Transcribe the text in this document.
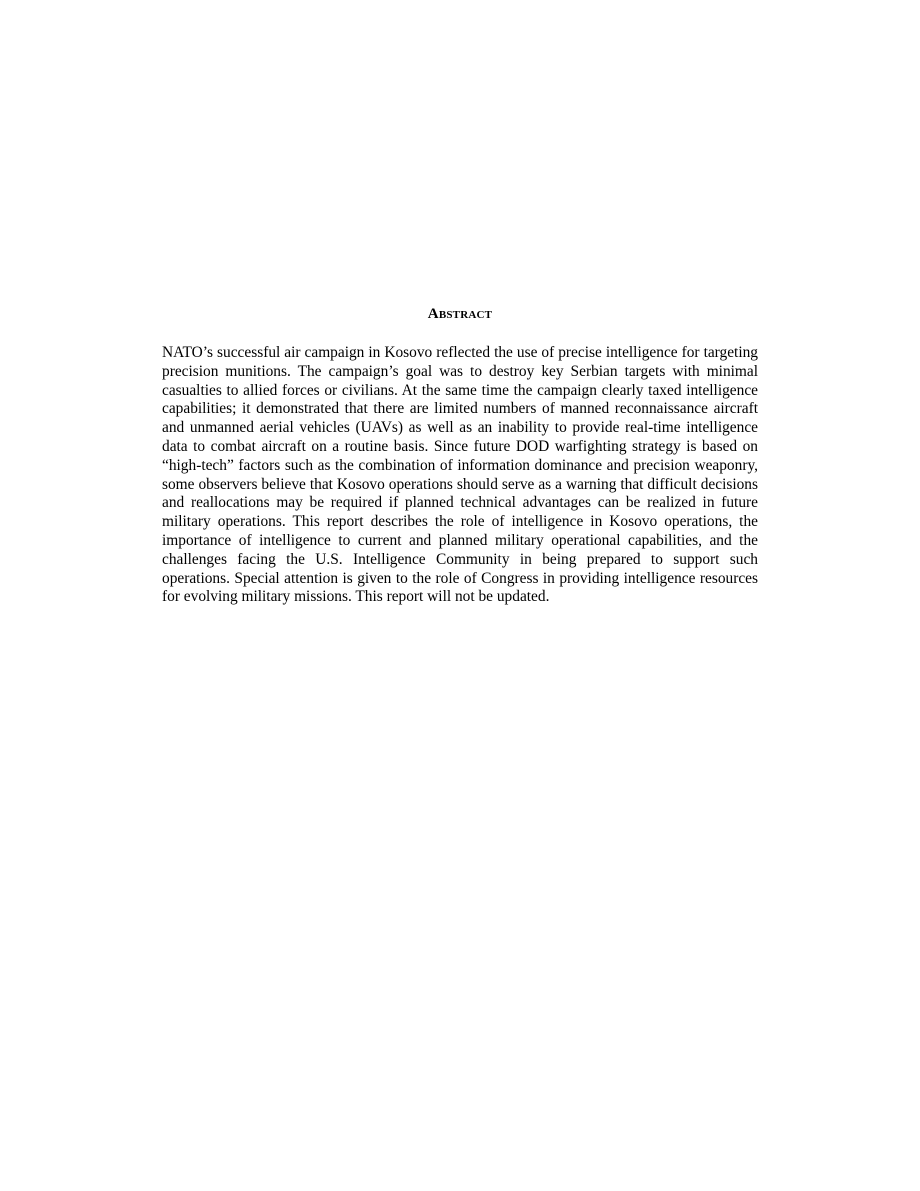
Abstract

NATO’s successful air campaign in Kosovo reflected the use of precise intelligence for targeting precision munitions. The campaign’s goal was to destroy key Serbian targets with minimal casualties to allied forces or civilians. At the same time the campaign clearly taxed intelligence capabilities; it demonstrated that there are limited numbers of manned reconnaissance aircraft and unmanned aerial vehicles (UAVs) as well as an inability to provide real-time intelligence data to combat aircraft on a routine basis. Since future DOD warfighting strategy is based on “high-tech” factors such as the combination of information dominance and precision weaponry, some observers believe that Kosovo operations should serve as a warning that difficult decisions and reallocations may be required if planned technical advantages can be realized in future military operations. This report describes the role of intelligence in Kosovo operations, the importance of intelligence to current and planned military operational capabilities, and the challenges facing the U.S. Intelligence Community in being prepared to support such operations. Special attention is given to the role of Congress in providing intelligence resources for evolving military missions. This report will not be updated.
